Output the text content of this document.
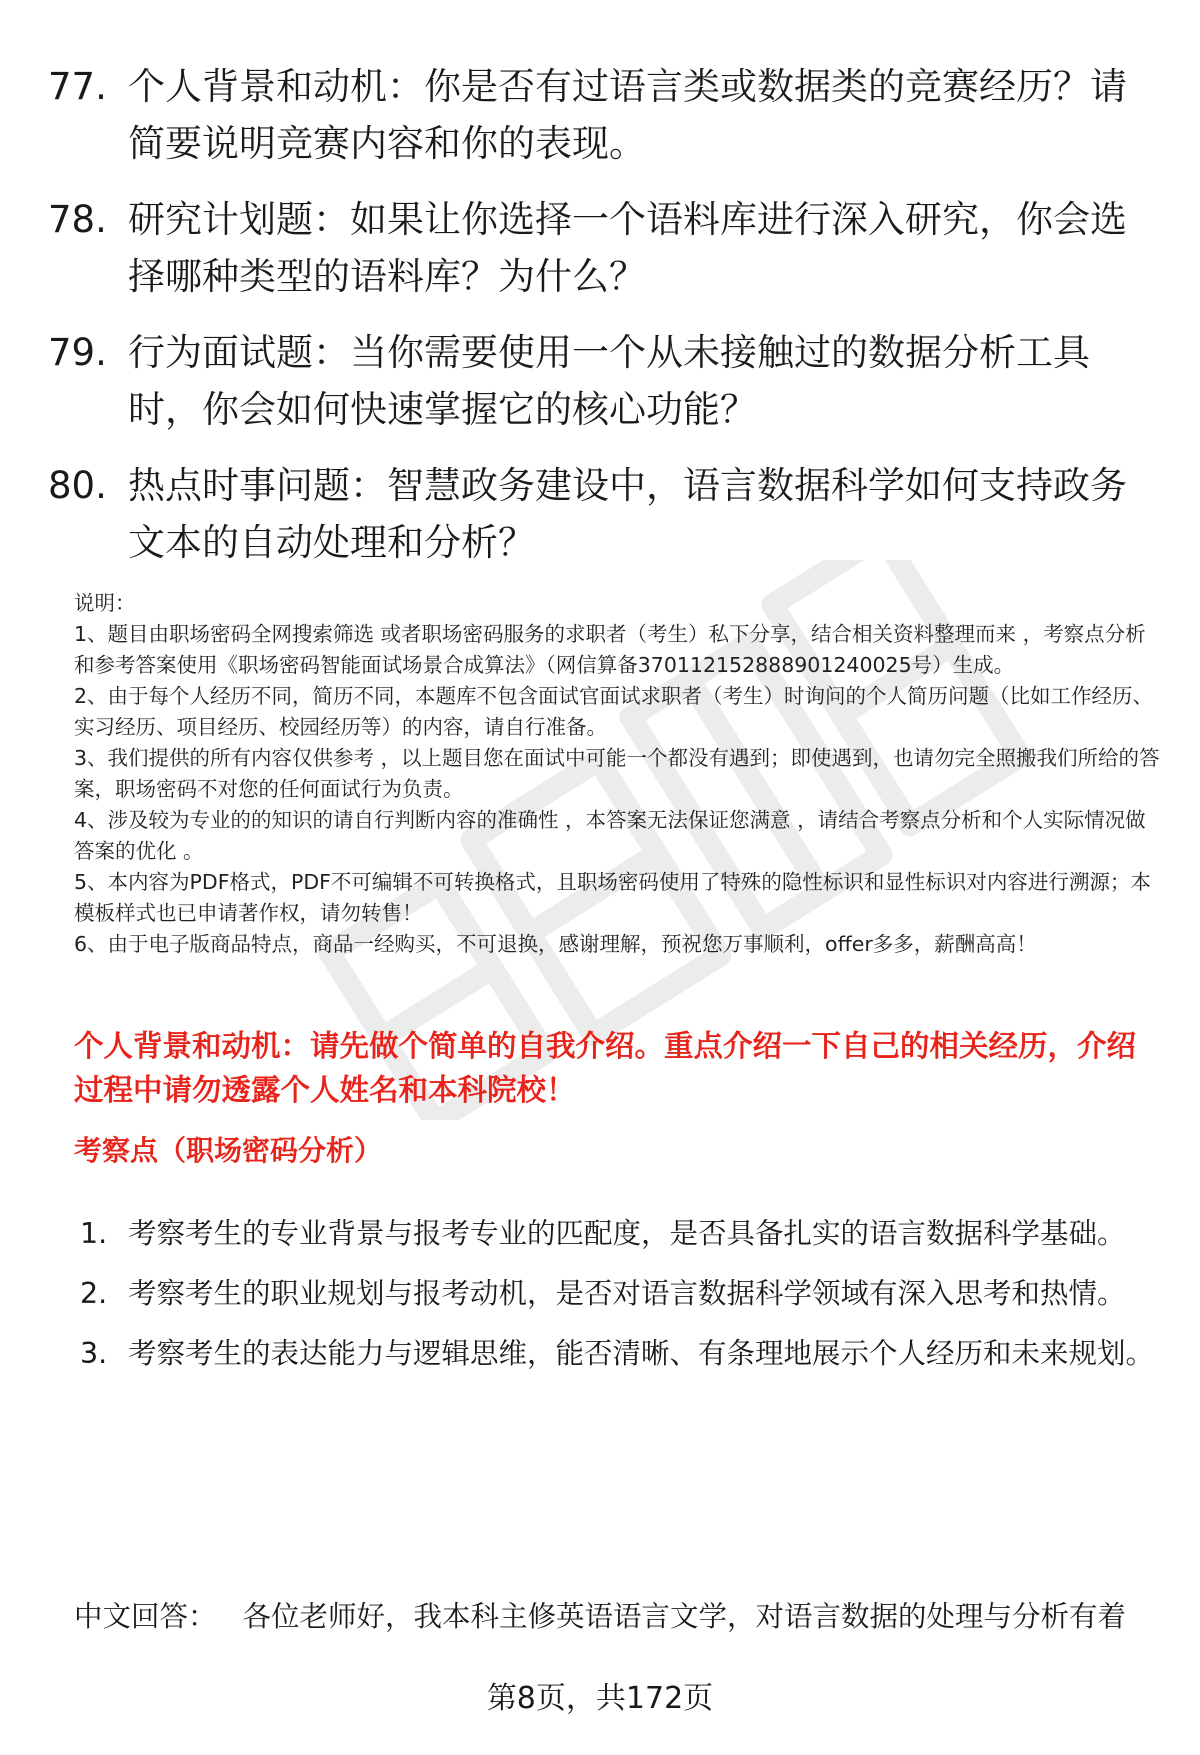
77. 个人背景和动机：你是否有过语言类或数据类的竞赛经历？请简要说明竞赛内容和你的表现。
78. 研究计划题：如果让你选择一个语料库进行深入研究，你会选择哪种类型的语料库？为什么？
79. 行为面试题：当你需要使用一个从未接触过的数据分析工具时，你会如何快速掌握它的核心功能？
80. 热点时事问题：智慧政务建设中，语言数据科学如何支持政务文本的自动处理和分析？

说明：

1、题目由职场密码全网搜索筛选 或者职场密码服务的求职者（考生）私下分享，结合相关资料整理而来 ，考察点分析和参考答案使用《职场密码智能面试场景合成算法》（网信算备370112152888901240025号）生成。

2、由于每个人经历不同，简历不同，本题库不包含面试官面试求职者（考生）时询问的个人简历问题（比如工作经历、实习经历、项目经历、校园经历等）的内容，请自行准备。

3、我们提供的所有内容仅供参考 ，以上题目您在面试中可能一个都没有遇到；即使遇到，也请勿完全照搬我们所给的答案，职场密码不对您的任何面试行为负责。

4、涉及较为专业的的知识的请自行判断内容的准确性 ，本答案无法保证您满意 ，请结合考察点分析和个人实际情况做答案的优化 。

5、本内容为PDF格式，PDF不可编辑不可转换格式，且职场密码使用了特殊的隐性标识和显性标识对内容进行溯源；本模板样式也已申请著作权，请勿转售！

6、由于电子版商品特点，商品一经购买，不可退换，感谢理解，预祝您万事顺利，offer多多，薪酬高高！

个人背景和动机：请先做个简单的自我介绍。重点介绍一下自己的相关经历，介绍过程中请勿透露个人姓名和本科院校！
考察点（职场密码分析）
1. 考察考生的专业背景与报考专业的匹配度，是否具备扎实的语言数据科学基础。
2. 考察考生的职业规划与报考动机，是否对语言数据科学领域有深入思考和热情。
3. 考察考生的表达能力与逻辑思维，能否清晰、有条理地展示个人经历和未来规划。
中文回答： 各位老师好，我本科主修英语语言文学，对语言数据的处理与分析有着
第8页，共172页
